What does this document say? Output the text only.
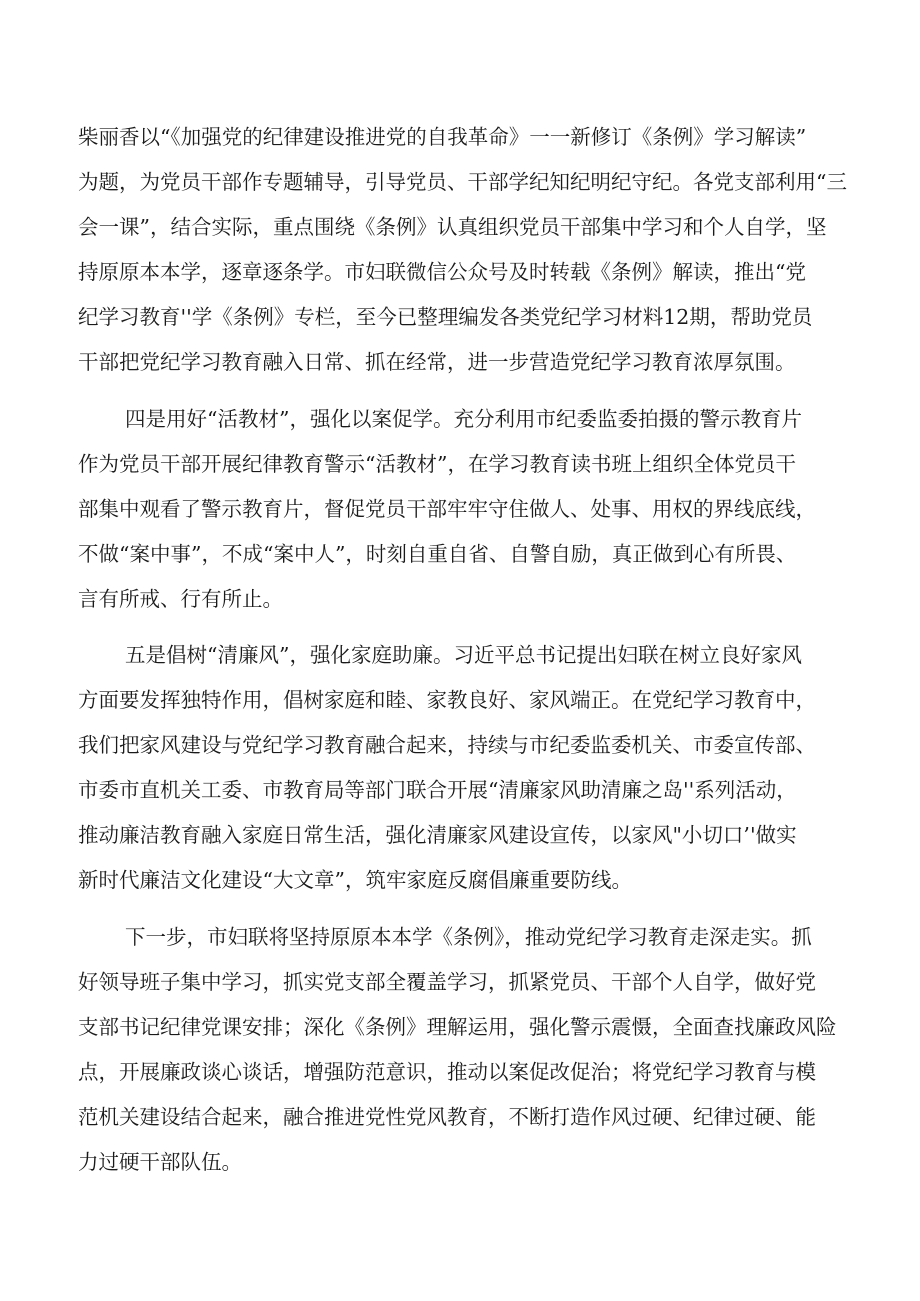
柴丽香以“《加强党的纪律建设推进党的自我革命》一一新修订《条例》学习解读”
为题，为党员干部作专题辅导，引导党员、干部学纪知纪明纪守纪。各党支部利用“三
会一课”，结合实际，重点围绕《条例》认真组织党员干部集中学习和个人自学，坚
持原原本本学，逐章逐条学。市妇联微信公众号及时转载《条例》解读，推出“党
纪学习教育''学《条例》专栏，至今已整理编发各类党纪学习材料12期，帮助党员
干部把党纪学习教育融入日常、抓在经常，进一步营造党纪学习教育浓厚氛围。
四是用好“活教材”，强化以案促学。充分利用市纪委监委拍摄的警示教育片
作为党员干部开展纪律教育警示“活教材”，在学习教育读书班上组织全体党员干
部集中观看了警示教育片，督促党员干部牢牢守住做人、处事、用权的界线底线，
不做“案中事”，不成“案中人”，时刻自重自省、自警自励，真正做到心有所畏、
言有所戒、行有所止。
五是倡树“清廉风”，强化家庭助廉。习近平总书记提出妇联在树立良好家风
方面要发挥独特作用，倡树家庭和睦、家教良好、家风端正。在党纪学习教育中，
我们把家风建设与党纪学习教育融合起来，持续与市纪委监委机关、市委宣传部、
市委市直机关工委、市教育局等部门联合开展“清廉家风助清廉之岛''系列活动，
推动廉洁教育融入家庭日常生活，强化清廉家风建设宣传，以家风"小切口’'做实
新时代廉洁文化建设“大文章”，筑牢家庭反腐倡廉重要防线。
下一步，市妇联将坚持原原本本学《条例》，推动党纪学习教育走深走实。抓
好领导班子集中学习，抓实党支部全覆盖学习，抓紧党员、干部个人自学，做好党
支部书记纪律党课安排；深化《条例》理解运用，强化警示震慑，全面查找廉政风险
点，开展廉政谈心谈话，增强防范意识，推动以案促改促治；将党纪学习教育与模
范机关建设结合起来，融合推进党性党风教育，不断打造作风过硬、纪律过硬、能
力过硬干部队伍。
